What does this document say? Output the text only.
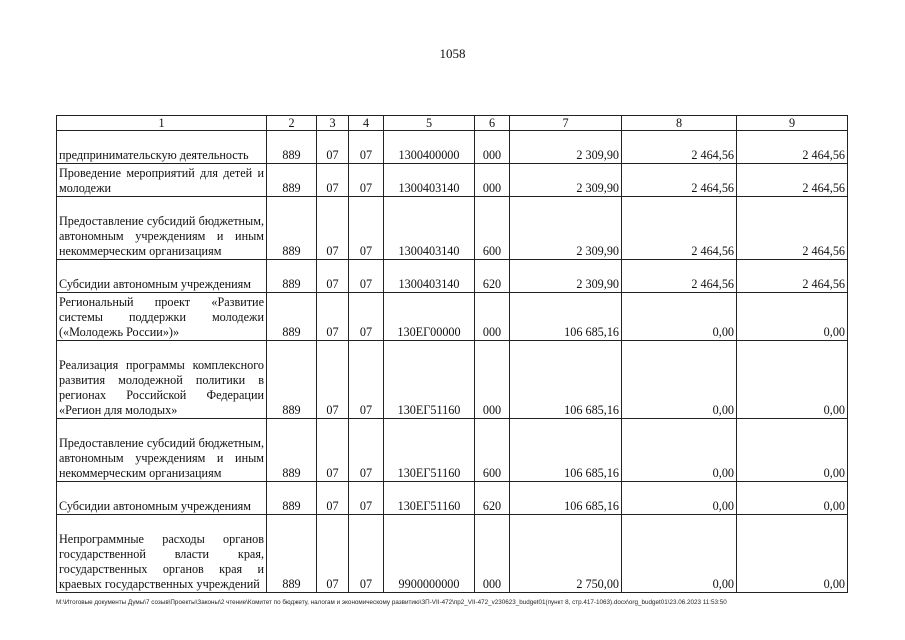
1058
1	2	3	4	5	6	7	8	9
предпринимательскую деятельность	889	07	07	1300400000	000	2 309,90	2 464,56	2 464,56
Проведение мероприятий для детей и молодежи	889	07	07	1300403140	000	2 309,90	2 464,56	2 464,56
Предоставление субсидий бюджетным, автономным учреждениям и иным некоммерческим организациям	889	07	07	1300403140	600	2 309,90	2 464,56	2 464,56
Субсидии автономным учреждениям	889	07	07	1300403140	620	2 309,90	2 464,56	2 464,56
Региональный проект «Развитие системы поддержки молодежи («Молодежь России»)»	889	07	07	130ЕГ00000	000	106 685,16	0,00	0,00
Реализация программы комплексного развития молодежной политики в регионах Российской Федерации «Регион для молодых»	889	07	07	130ЕГ51160	000	106 685,16	0,00	0,00
Предоставление субсидий бюджетным, автономным учреждениям и иным некоммерческим организациям	889	07	07	130ЕГ51160	600	106 685,16	0,00	0,00
Субсидии автономным учреждениям	889	07	07	130ЕГ51160	620	106 685,16	0,00	0,00
Непрограммные расходы органов государственной власти края, государственных органов края и краевых государственных учреждений	889	07	07	9900000000	000	2 750,00	0,00	0,00
M:\Итоговые документы Думы\7 созыв\Проекты\Законы\2 чтение\Комитет по бюджету, налогам и экономическому развитию\ЗП-VII-472\пр2_VII-472_v230623_budget01(пункт 8, стр.417-1063).docx\org_budget01\23.06.2023 11:53:50
